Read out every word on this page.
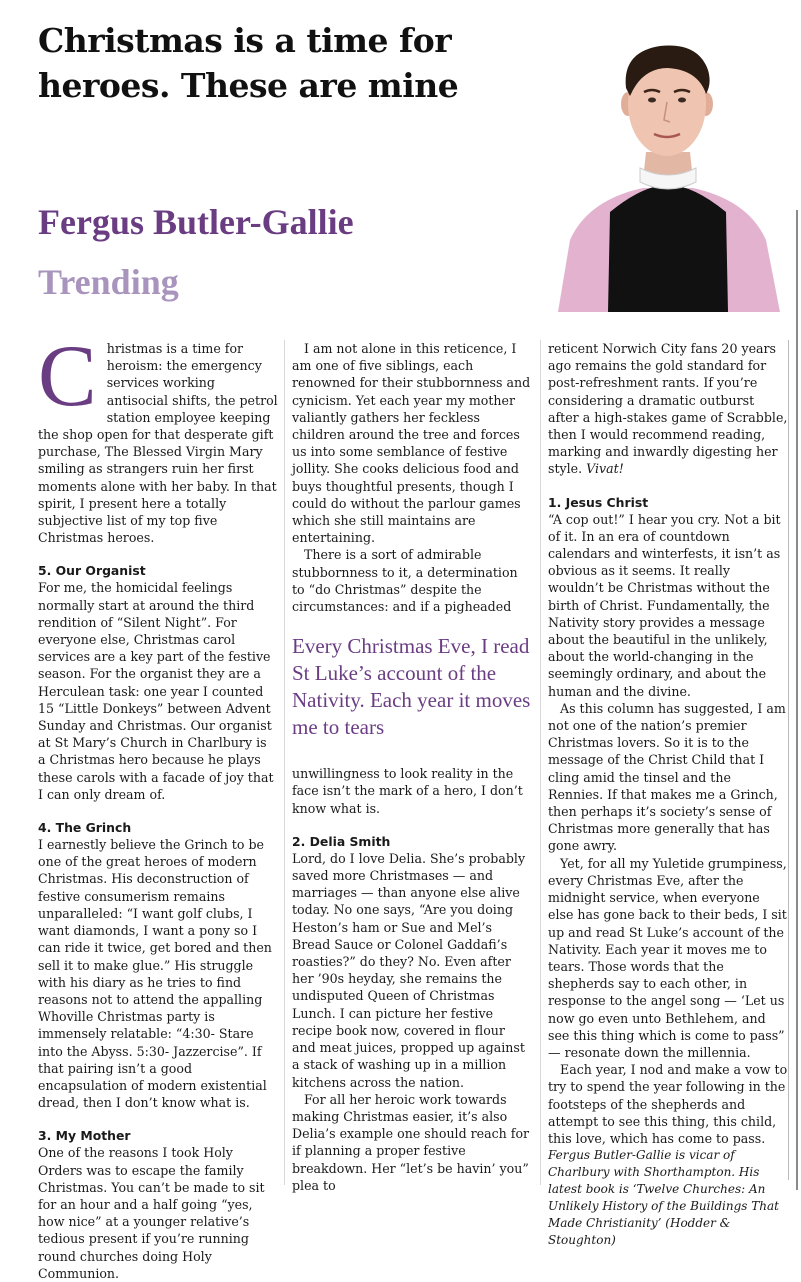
Christmas is a time for heroes. These are mine
Fergus Butler-Gallie
Trending

Christmas is a time for heroism: the emergency services working antisocial shifts, the petrol station employee keeping the shop open for that desperate gift purchase, The Blessed Virgin Mary smiling as strangers ruin her first moments alone with her baby. In that spirit, I present here a totally subjective list of my top five Christmas heroes.

5. Our Organist

For me, the homicidal feelings normally start at around the third rendition of “Silent Night”. For everyone else, Christmas carol services are a key part of the festive season. For the organist they are a Herculean task: one year I counted 15 “Little Donkeys” between Advent Sunday and Christmas. Our organist at St Mary’s Church in Charlbury is a Christmas hero because he plays these carols with a facade of joy that I can only dream of.

4. The Grinch

I earnestly believe the Grinch to be one of the great heroes of modern Christmas. His deconstruction of festive consumerism remains unparalleled: “I want golf clubs, I want diamonds, I want a pony so I can ride it twice, get bored and then sell it to make glue.” His struggle with his diary as he tries to find reasons not to attend the appalling Whoville Christmas party is immensely relatable: “4:30- Stare into the Abyss. 5:30- Jazzercise”. If that pairing isn’t a good encapsulation of modern existential dread, then I don’t know what is.

3. My Mother

One of the reasons I took Holy Orders was to escape the family Christmas. You can’t be made to sit for an hour and a half going “yes, how nice” at a younger relative’s tedious present if you’re running round churches doing Holy Communion.

I am not alone in this reticence, I am one of five siblings, each renowned for their stubbornness and cynicism. Yet each year my mother valiantly gathers her feckless children around the tree and forces us into some semblance of festive jollity. She cooks delicious food and buys thoughtful presents, though I could do without the parlour games which she still maintains are entertaining.

There is a sort of admirable stubbornness to it, a determination to “do Christmas” despite the circumstances: and if a pigheaded

Every Christmas Eve, I read St Luke’s account of the Nativity. Each year it moves me to tears

unwillingness to look reality in the face isn’t the mark of a hero, I don’t know what is.

2. Delia Smith

Lord, do I love Delia. She’s probably saved more Christmases — and marriages — than anyone else alive today. No one says, “Are you doing Heston’s ham or Sue and Mel’s Bread Sauce or Colonel Gaddafi’s roasties?” do they? No. Even after her ’90s heyday, she remains the undisputed Queen of Christmas Lunch. I can picture her festive recipe book now, covered in flour and meat juices, propped up against a stack of washing up in a million kitchens across the nation.

For all her heroic work towards making Christmas easier, it’s also Delia’s example one should reach for if planning a proper festive breakdown. Her “let’s be havin’ you” plea to

reticent Norwich City fans 20 years ago remains the gold standard for post-refreshment rants. If you’re considering a dramatic outburst after a high-stakes game of Scrabble, then I would recommend reading, marking and inwardly digesting her style. Vivat!

1. Jesus Christ

“A cop out!” I hear you cry. Not a bit of it. In an era of countdown calendars and winterfests, it isn’t as obvious as it seems. It really wouldn’t be Christmas without the birth of Christ. Fundamentally, the Nativity story provides a message about the beautiful in the unlikely, about the world-changing in the seemingly ordinary, and about the human and the divine.

As this column has suggested, I am not one of the nation’s premier Christmas lovers. So it is to the message of the Christ Child that I cling amid the tinsel and the Rennies. If that makes me a Grinch, then perhaps it’s society’s sense of Christmas more generally that has gone awry.

Yet, for all my Yuletide grumpiness, every Christmas Eve, after the midnight service, when everyone else has gone back to their beds, I sit up and read St Luke’s account of the Nativity. Each year it moves me to tears. Those words that the shepherds say to each other, in response to the angel song — ‘Let us now go even unto Bethlehem, and see this thing which is come to pass” — resonate down the millennia.

Each year, I nod and make a vow to try to spend the year following in the footsteps of the shepherds and attempt to see this thing, this child, this love, which has come to pass.

Fergus Butler-Gallie is vicar of Charlbury with Shorthampton. His latest book is ‘Twelve Churches: An Unlikely History of the Buildings That Made Christianity’ (Hodder & Stoughton)
